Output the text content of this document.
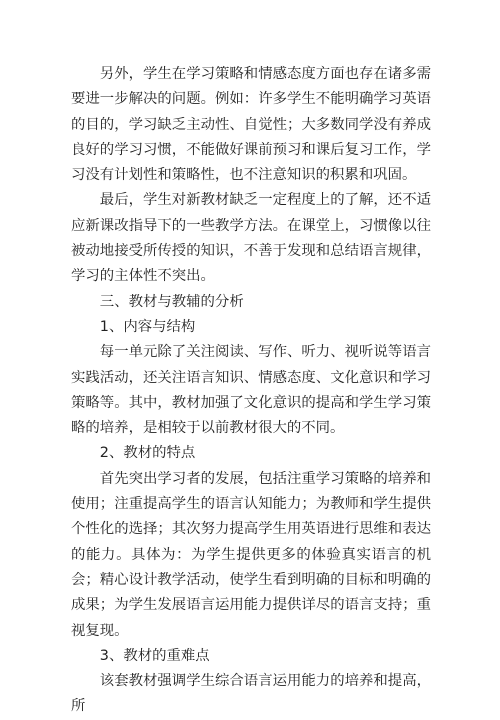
另外，学生在学习策略和情感态度方面也存在诸多需要进一步解决的问题。例如：许多学生不能明确学习英语的目的，学习缺乏主动性、自觉性；大多数同学没有养成良好的学习习惯，不能做好课前预习和课后复习工作，学习没有计划性和策略性，也不注意知识的积累和巩固。

最后，学生对新教材缺乏一定程度上的了解，还不适应新课改指导下的一些教学方法。在课堂上，习惯像以往被动地接受所传授的知识，不善于发现和总结语言规律，学习的主体性不突出。

三、教材与教辅的分析

1、内容与结构

每一单元除了关注阅读、写作、听力、视听说等语言实践活动，还关注语言知识、情感态度、文化意识和学习策略等。其中，教材加强了文化意识的提高和学生学习策略的培养，是相较于以前教材很大的不同。

2、教材的特点

首先突出学习者的发展，包括注重学习策略的培养和使用；注重提高学生的语言认知能力；为教师和学生提供个性化的选择；其次努力提高学生用英语进行思维和表达的能力。具体为：为学生提供更多的体验真实语言的机会；精心设计教学活动，使学生看到明确的目标和明确的成果；为学生发展语言运用能力提供详尽的语言支持；重视复现。

3、教材的重难点

该套教材强调学生综合语言运用能力的培养和提高，所
